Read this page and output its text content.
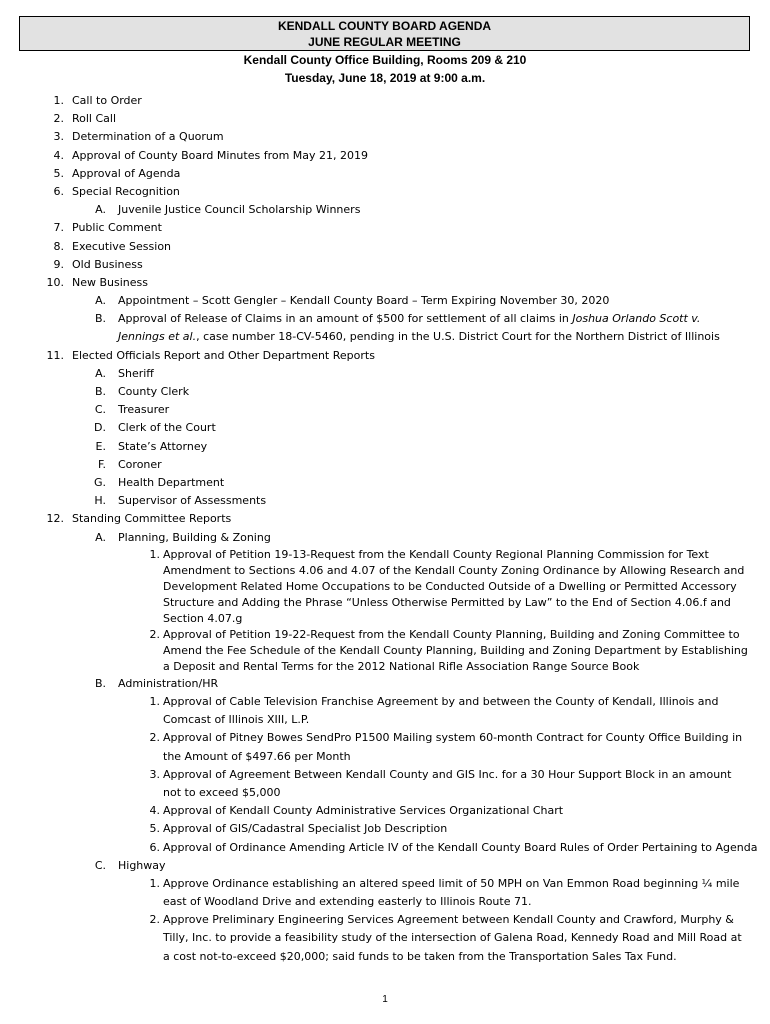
KENDALL COUNTY BOARD AGENDA
JUNE REGULAR MEETING
Kendall County Office Building, Rooms 209 & 210
Tuesday, June 18, 2019 at 9:00 a.m.
1. Call to Order
2. Roll Call
3. Determination of a Quorum
4. Approval of County Board Minutes from May 21, 2019
5. Approval of Agenda
6. Special Recognition
A. Juvenile Justice Council Scholarship Winners
7. Public Comment
8. Executive Session
9. Old Business
10. New Business
A. Appointment – Scott Gengler – Kendall County Board – Term Expiring November 30, 2020
B. Approval of Release of Claims in an amount of $500 for settlement of all claims in Joshua Orlando Scott v. Jennings et al., case number 18-CV-5460, pending in the U.S. District Court for the Northern District of Illinois
11. Elected Officials Report and Other Department Reports
A. Sheriff
B. County Clerk
C. Treasurer
D. Clerk of the Court
E. State’s Attorney
F. Coroner
G. Health Department
H. Supervisor of Assessments
12. Standing Committee Reports
A. Planning, Building & Zoning
1. Approval of Petition 19-13-Request from the Kendall County Regional Planning Commission for Text Amendment to Sections 4.06 and 4.07 of the Kendall County Zoning Ordinance by Allowing Research and Development Related Home Occupations to be Conducted Outside of a Dwelling or Permitted Accessory Structure and Adding the Phrase “Unless Otherwise Permitted by Law” to the End of Section 4.06.f and Section 4.07.g
2. Approval of Petition 19-22-Request from the Kendall County Planning, Building and Zoning Committee to Amend the Fee Schedule of the Kendall County Planning, Building and Zoning Department by Establishing a Deposit and Rental Terms for the 2012 National Rifle Association Range Source Book
B. Administration/HR
1. Approval of Cable Television Franchise Agreement by and between the County of Kendall, Illinois and Comcast of Illinois XIII, L.P.
2. Approval of Pitney Bowes SendPro P1500 Mailing system 60-month Contract for County Office Building in the Amount of $497.66 per Month
3. Approval of Agreement Between Kendall County and GIS Inc. for a 30 Hour Support Block in an amount not to exceed $5,000
4. Approval of Kendall County Administrative Services Organizational Chart
5. Approval of GIS/Cadastral Specialist Job Description
6. Approval of Ordinance Amending Article IV of the Kendall County Board Rules of Order Pertaining to Agenda
C. Highway
1. Approve Ordinance establishing an altered speed limit of 50 MPH on Van Emmon Road beginning ¼ mile east of Woodland Drive and extending easterly to Illinois Route 71.
2. Approve Preliminary Engineering Services Agreement between Kendall County and Crawford, Murphy & Tilly, Inc. to provide a feasibility study of the intersection of Galena Road, Kennedy Road and Mill Road at a cost not-to-exceed $20,000; said funds to be taken from the Transportation Sales Tax Fund.
1
